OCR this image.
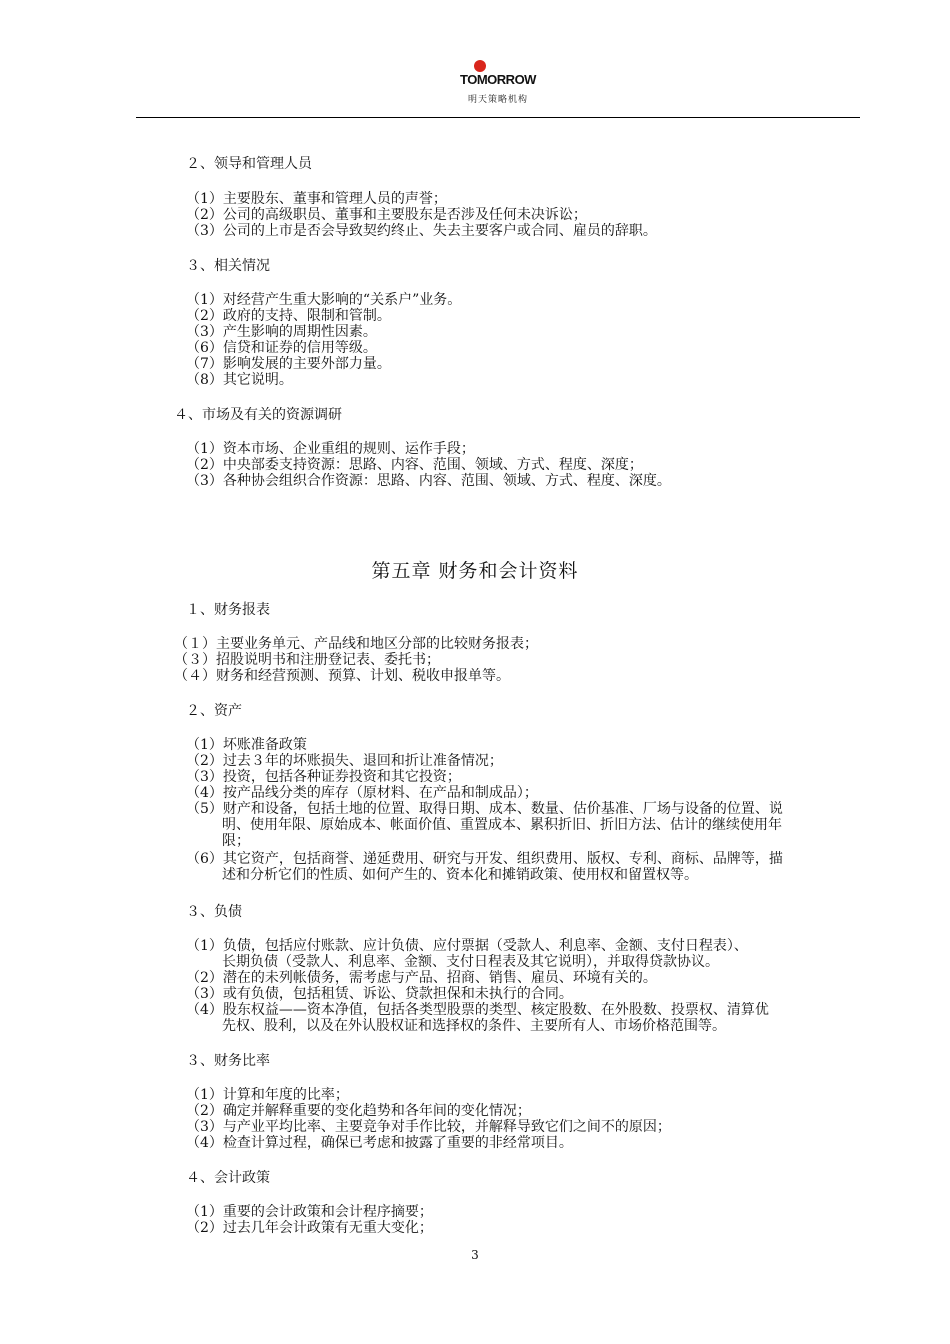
TOMORROW
明天策略机构
２、领导和管理人员
（1）主要股东、董事和管理人员的声誉；
（2）公司的高级职员、董事和主要股东是否涉及任何未决诉讼；
（3）公司的上市是否会导致契约终止、失去主要客户或合同、雇员的辞职。
３、相关情况
（1）对经营产生重大影响的“关系户”业务。
（2）政府的支持、限制和管制。
（3）产生影响的周期性因素。
（6）信贷和证券的信用等级。
（7）影响发展的主要外部力量。
（8）其它说明。
４、市场及有关的资源调研
（1）资本市场、企业重组的规则、运作手段；
（2）中央部委支持资源：思路、内容、范围、领域、方式、程度、深度；
（3）各种协会组织合作资源：思路、内容、范围、领域、方式、程度、深度。
第五章 财务和会计资料
１、财务报表
（１）主要业务单元、产品线和地区分部的比较财务报表；
（３）招股说明书和注册登记表、委托书；
（４）财务和经营预测、预算、计划、税收申报单等。
２、资产
（1）坏账准备政策
（2）过去３年的坏账损失、退回和折让准备情况；
（3）投资，包括各种证券投资和其它投资；
（4）按产品线分类的库存（原材料、在产品和制成品）；
（5）财产和设备，包括土地的位置、取得日期、成本、数量、估价基准、厂场与设备的位置、说
明、使用年限、原始成本、帐面价值、重置成本、累积折旧、折旧方法、估计的继续使用年
限；
（6）其它资产，包括商誉、递延费用、研究与开发、组织费用、版权、专利、商标、品牌等，描
述和分析它们的性质、如何产生的、资本化和摊销政策、使用权和留置权等。
３、负债
（1）负债，包括应付账款、应计负债、应付票据（受款人、利息率、金额、支付日程表）、
长期负债（受款人、利息率、金额、支付日程表及其它说明），并取得贷款协议。
（2）潜在的未列帐债务，需考虑与产品、招商、销售、雇员、环境有关的。
（3）或有负债，包括租赁、诉讼、贷款担保和未执行的合同。
（4）股东权益——资本净值，包括各类型股票的类型、核定股数、在外股数、投票权、清算优
先权、股利，以及在外认股权证和选择权的条件、主要所有人、市场价格范围等。
３、财务比率
（1）计算和年度的比率；
（2）确定并解释重要的变化趋势和各年间的变化情况；
（3）与产业平均比率、主要竞争对手作比较，并解释导致它们之间不的原因；
（4）检查计算过程，确保已考虑和披露了重要的非经常项目。
４、会计政策
（1）重要的会计政策和会计程序摘要；
（2）过去几年会计政策有无重大变化；
3
